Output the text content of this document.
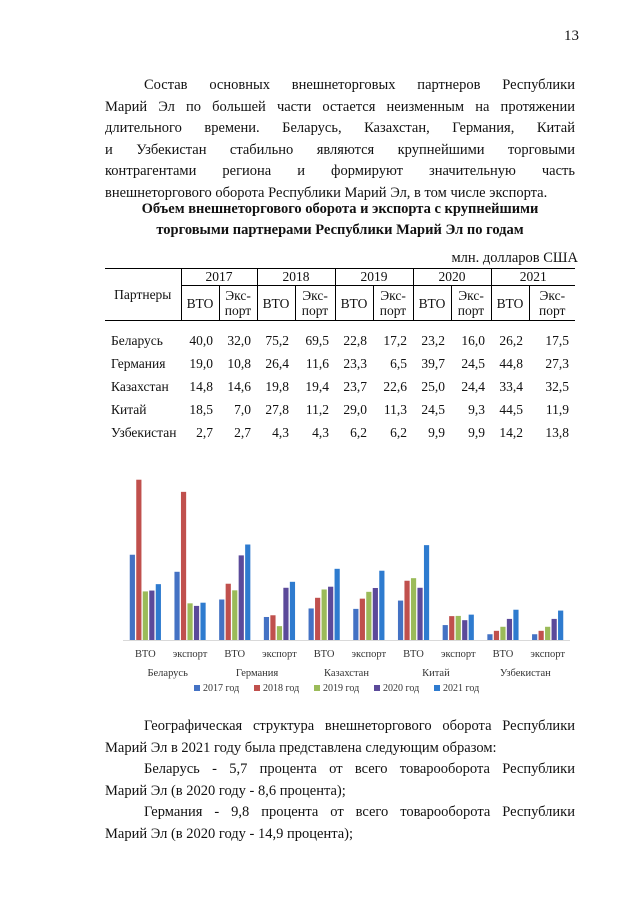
13
Состав основных внешнеторговых партнеров Республики
Марий Эл по большей части остается неизменным на протяжении
длительного времени. Беларусь, Казахстан, Германия, Китай
и Узбекистан стабильно являются крупнейшими торговыми
контрагентами региона и формируют значительную часть
внешнеторгового оборота Республики Марий Эл, в том числе экспорта.
Объем внешнеторгового оборота и экспорта с крупнейшими
торговыми партнерами Республики Марий Эл по годам
млн. долларов США
Партнеры	2017		2018		2019		2020		2021	
	ВТО	Экс- порт	ВТО	Экс- порт	ВТО	Экс- порт	ВТО	Экс- порт	ВТО	Экс- порт
Беларусь	40,0	32,0	75,2	69,5	22,8	17,2	23,2	16,0	26,2	17,5
Германия	19,0	10,8	26,4	11,6	23,3	6,5	39,7	24,5	44,8	27,3
Казахстан	14,8	14,6	19,8	19,4	23,7	22,6	25,0	24,4	33,4	32,5
Китай	18,5	7,0	27,8	11,2	29,0	11,3	24,5	9,3	44,5	11,9
Узбекистан	2,7	2,7	4,3	4,3	6,2	6,2	9,9	9,9	14,2	13,8
ВТО экспорт ВТО экспорт ВТО экспорт ВТО экспорт ВТО экспорт
Беларусь	Германия	Казахстан	Китай	Узбекистан
2017 год 2018 год 2019 год 2020 год 2021 год
Географическая структура внешнеторгового оборота Республики
Марий Эл в 2021 году была представлена следующим образом:
Беларусь - 5,7 процента от всего товарооборота Республики
Марий Эл (в 2020 году - 8,6 процента);
Германия - 9,8 процента от всего товарооборота Республики
Марий Эл (в 2020 году - 14,9 процента);
